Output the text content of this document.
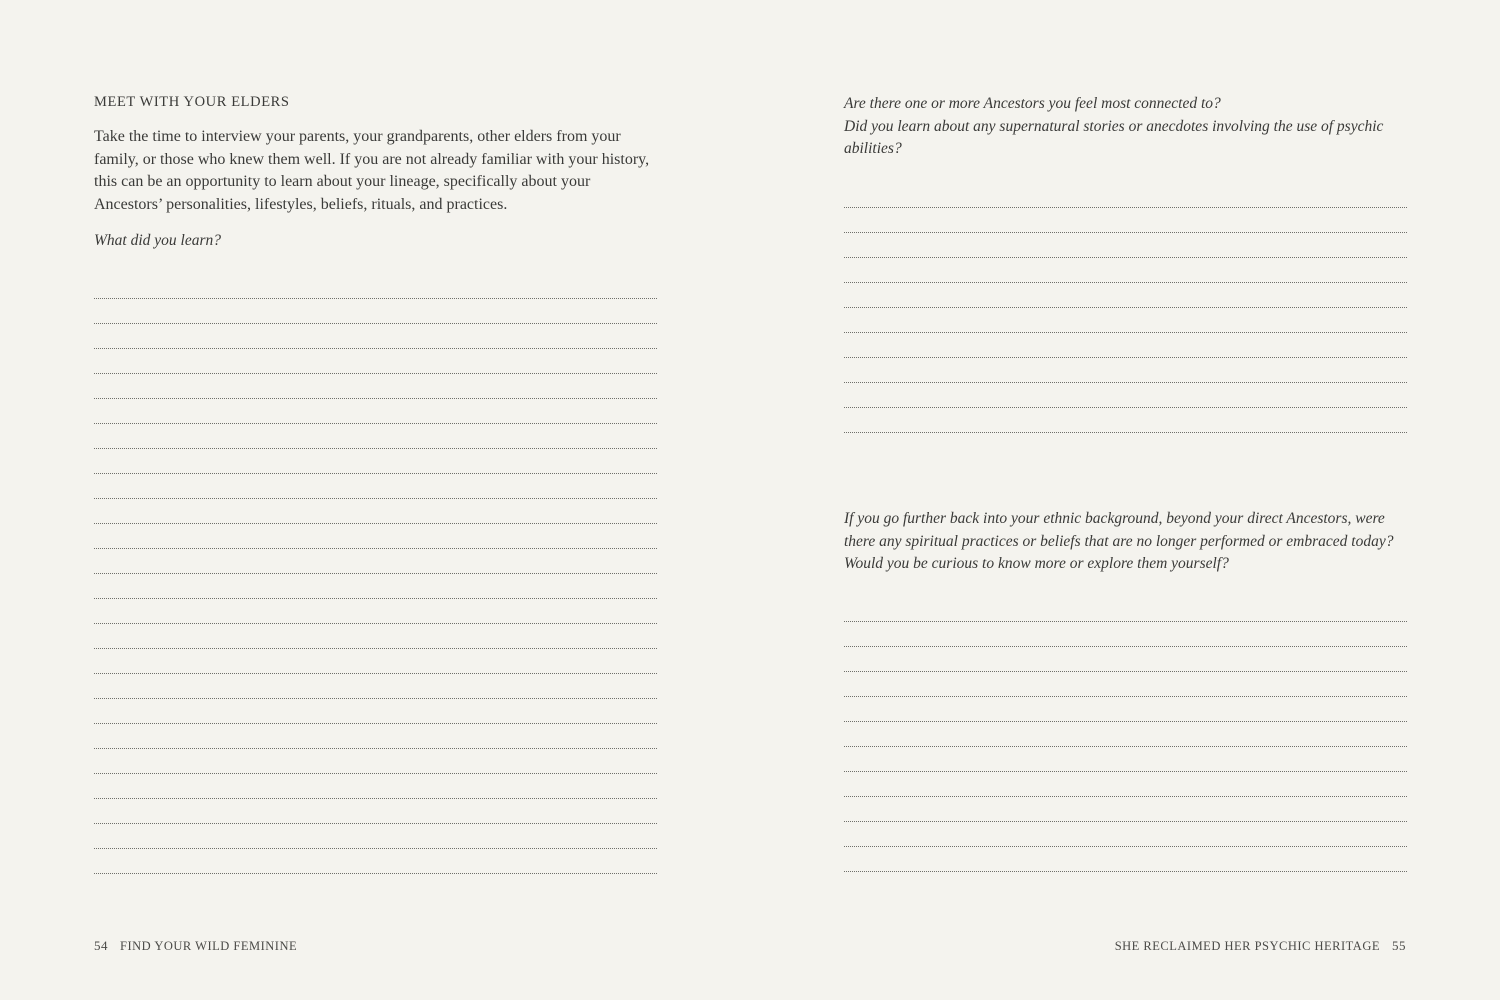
MEET WITH YOUR ELDERS
Take the time to interview your parents, your grandparents, other elders from your family, or those who knew them well. If you are not already familiar with your history, this can be an opportunity to learn about your lineage, specifically about your Ancestors’ personalities, lifestyles, beliefs, rituals, and practices.
What did you learn?
54 FIND YOUR WILD FEMININE
Are there one or more Ancestors you feel most connected to?
Did you learn about any supernatural stories or anecdotes involving the use of psychic abilities?
If you go further back into your ethnic background, beyond your direct Ancestors, were there any spiritual practices or beliefs that are no longer performed or embraced today?
Would you be curious to know more or explore them yourself?
SHE RECLAIMED HER PSYCHIC HERITAGE 55
